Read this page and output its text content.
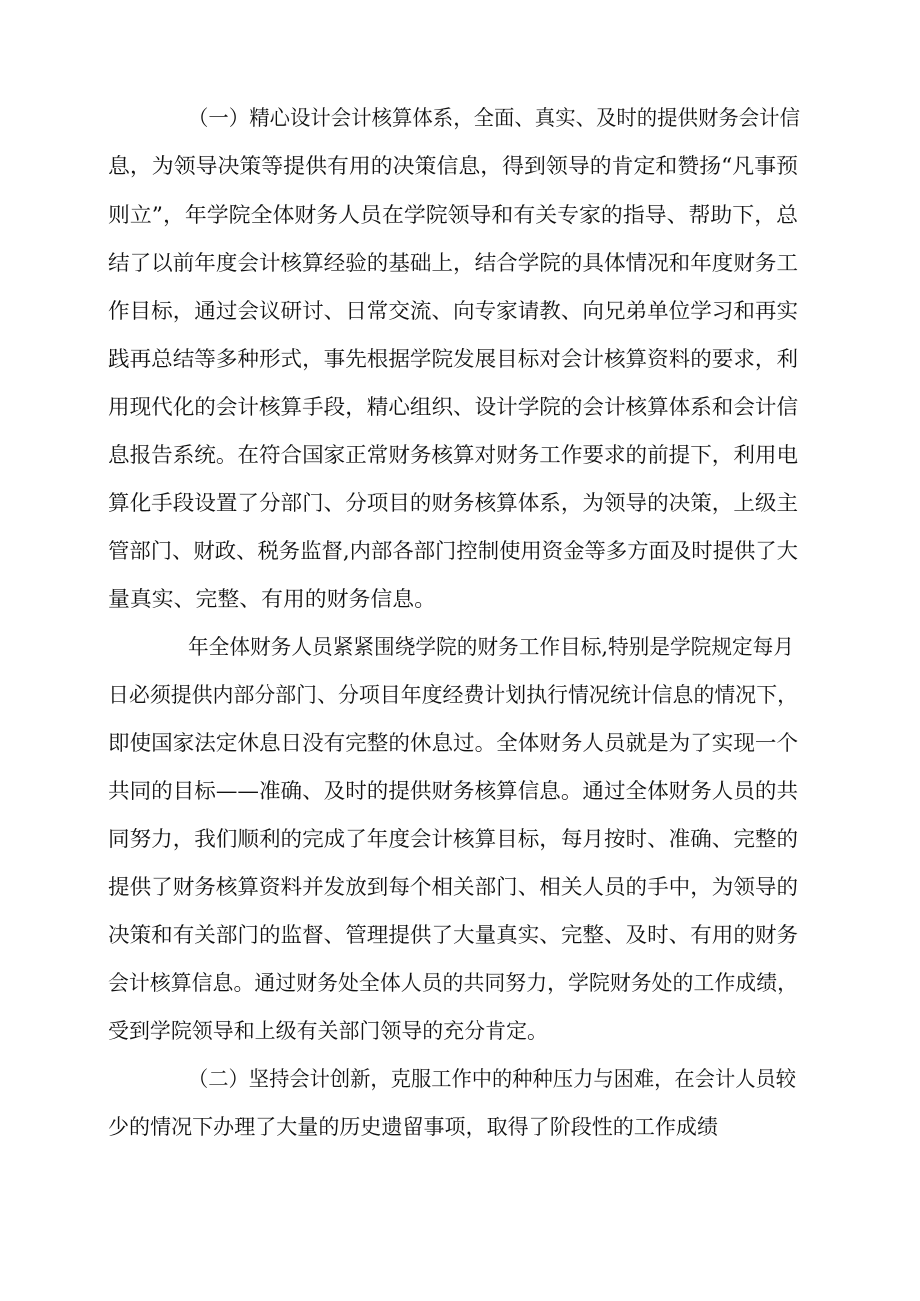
（一）精心设计会计核算体系，全面、真实、及时的提供财务会计信

息，为领导决策等提供有用的决策信息，得到领导的肯定和赞扬“凡事预

则立”，年学院全体财务人员在学院领导和有关专家的指导、帮助下，总

结了以前年度会计核算经验的基础上，结合学院的具体情况和年度财务工

作目标，通过会议研讨、日常交流、向专家请教、向兄弟单位学习和再实

践再总结等多种形式，事先根据学院发展目标对会计核算资料的要求，利

用现代化的会计核算手段，精心组织、设计学院的会计核算体系和会计信

息报告系统。在符合国家正常财务核算对财务工作要求的前提下，利用电

算化手段设置了分部门、分项目的财务核算体系，为领导的决策，上级主

管部门、财政、税务监督,内部各部门控制使用资金等多方面及时提供了大

量真实、完整、有用的财务信息。

年全体财务人员紧紧围绕学院的财务工作目标,特别是学院规定每月

日必须提供内部分部门、分项目年度经费计划执行情况统计信息的情况下，

即使国家法定休息日没有完整的休息过。全体财务人员就是为了实现一个

共同的目标——准确、及时的提供财务核算信息。通过全体财务人员的共

同努力，我们顺利的完成了年度会计核算目标，每月按时、准确、完整的

提供了财务核算资料并发放到每个相关部门、相关人员的手中，为领导的

决策和有关部门的监督、管理提供了大量真实、完整、及时、有用的财务

会计核算信息。通过财务处全体人员的共同努力，学院财务处的工作成绩，

受到学院领导和上级有关部门领导的充分肯定。

（二）坚持会计创新，克服工作中的种种压力与困难，在会计人员较

少的情况下办理了大量的历史遗留事项，取得了阶段性的工作成绩
